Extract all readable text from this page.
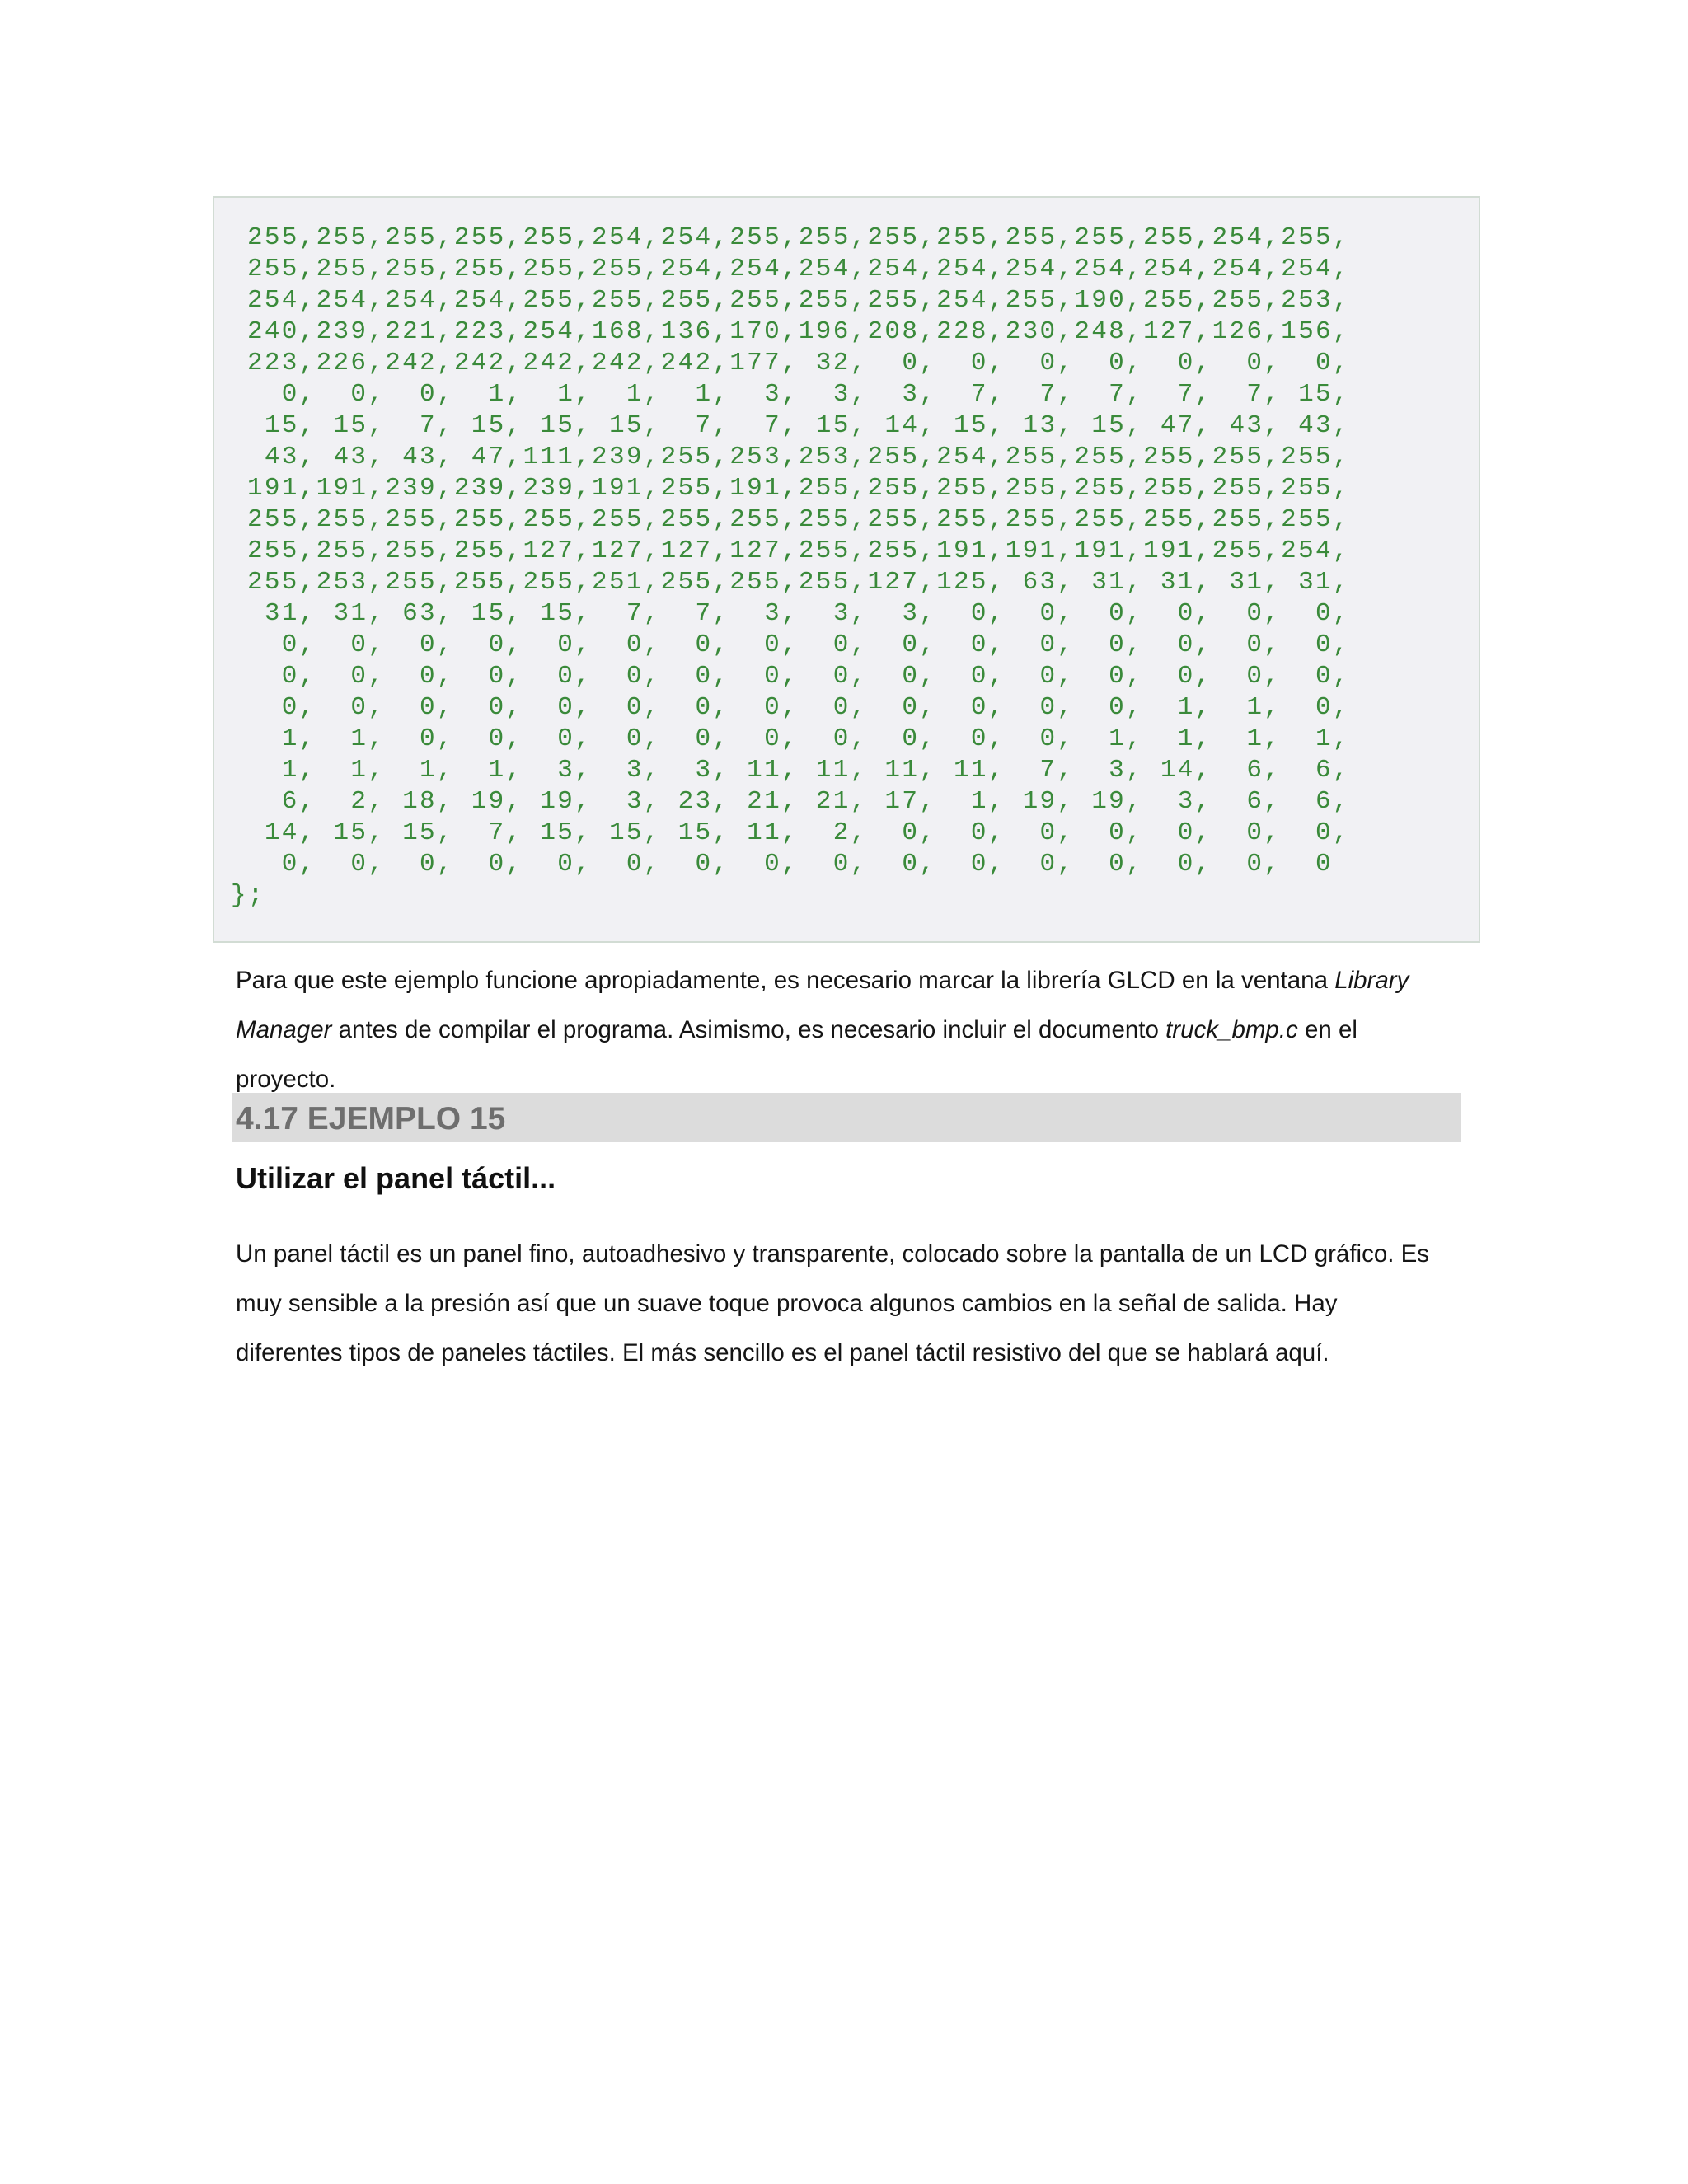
255,255,255,255,255,254,254,255,255,255,255,255,255,255,254,255,
255,255,255,255,255,255,254,254,254,254,254,254,254,254,254,254,
254,254,254,254,255,255,255,255,255,255,254,255,190,255,255,253,
240,239,221,223,254,168,136,170,196,208,228,230,248,127,126,156,
223,226,242,242,242,242,242,177, 32,  0,  0,  0,  0,  0,  0,  0,
0,  0,  0,  1,  1,  1,  1,  3,  3,  3,  7,  7,  7,  7,  7, 15,
15, 15,  7, 15, 15, 15,  7,  7, 15, 14, 15, 13, 15, 47, 43, 43,
43, 43, 43, 47,111,239,255,253,253,255,254,255,255,255,255,255,
191,191,239,239,239,191,255,191,255,255,255,255,255,255,255,255,
255,255,255,255,255,255,255,255,255,255,255,255,255,255,255,255,
255,255,255,255,127,127,127,127,255,255,191,191,191,191,255,254,
255,253,255,255,255,251,255,255,255,127,125, 63, 31, 31, 31, 31,
31, 31, 63, 15, 15,  7,  7,  3,  3,  3,  0,  0,  0,  0,  0,  0,
0,  0,  0,  0,  0,  0,  0,  0,  0,  0,  0,  0,  0,  0,  0,  0,
0,  0,  0,  0,  0,  0,  0,  0,  0,  0,  0,  0,  0,  0,  0,  0,
0,  0,  0,  0,  0,  0,  0,  0,  0,  0,  0,  0,  0,  1,  1,  0,
1,  1,  0,  0,  0,  0,  0,  0,  0,  0,  0,  0,  1,  1,  1,  1,
1,  1,  1,  1,  3,  3,  3, 11, 11, 11, 11,  7,  3, 14,  6,  6,
6,  2, 18, 19, 19,  3, 23, 21, 21, 17,  1, 19, 19,  3,  6,  6,
14, 15, 15,  7, 15, 15, 15, 11,  2,  0,  0,  0,  0,  0,  0,  0,
0,  0,  0,  0,  0,  0,  0,  0,  0,  0,  0,  0,  0,  0,  0,  0
};
Para que este ejemplo funcione apropiadamente, es necesario marcar la librería GLCD en la ventana Library
Manager antes de compilar el programa. Asimismo, es necesario incluir el documento truck_bmp.c en el
proyecto.
4.17 EJEMPLO 15
Utilizar el panel táctil...
Un panel táctil es un panel fino, autoadhesivo y transparente, colocado sobre la pantalla de un LCD gráfico. Es
muy sensible a la presión así que un suave toque provoca algunos cambios en la señal de salida. Hay
diferentes tipos de paneles táctiles. El más sencillo es el panel táctil resistivo del que se hablará aquí.
